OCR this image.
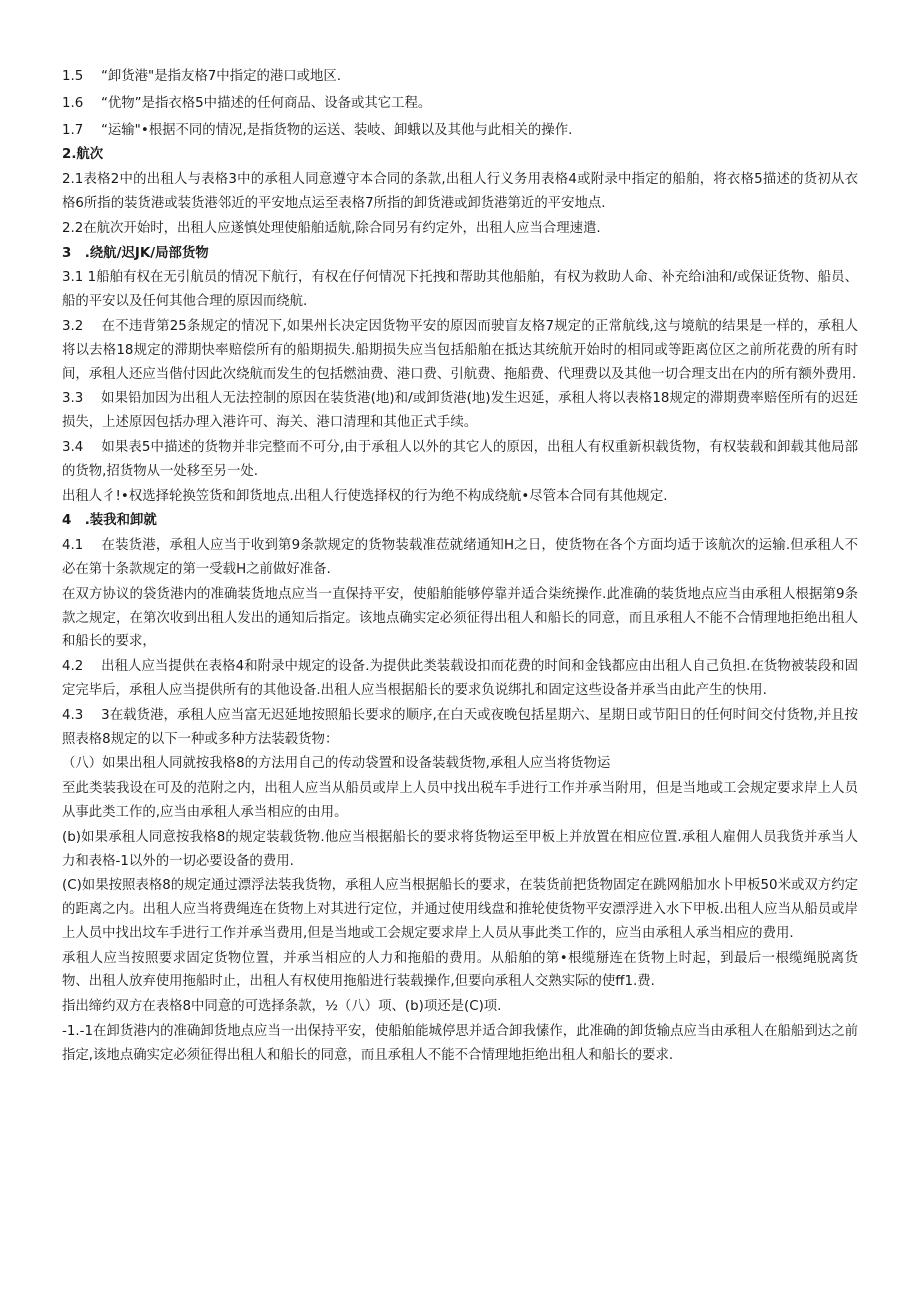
1.5　 “卸货港"是指友格7中指定的港口或地区.

1.6　 “优物”是指衣格5中描述的任何商品、设备或其它工程。

1.7　 “运输"•根据不同的情况,是指货物的运送、装岐、卸蛾以及其他与此相关的操作.

2.航次

2.1表格2中的出租人与表格3中的承租人同意遵守本合同的条款,出租人行义务用表格4或附录中指定的船舶，将衣格5描述的货初从衣格6所指的装货港或装货港邻近的平安地点运至表格7所指的卸货港或卸货港第近的平安地点.

2.2在航次开始时，出租人应遂慎处理使船舶适航,除合同另有约定外，出租人应当合理速遣.

3　.绕航/迟JK/局部货物

3.1 1船舶有权在无引航员的情况下航行，有权在仔何情况下托拽和帮助其他船舶，有权为救助人命、补充给i油和/或保证货物、船员、船的平安以及任何其他合理的原因而绕航.

3.2　 在不违背第25条规定的情况下,如果州长决定因货物平安的原因而驶盲友格7规定的正常航线,这与境航的结果是一样的，承租人将以去格18规定的滞期快率赔偿所有的船期损失.船期损失应当包括船舶在抵达其统航开始时的相同或等距离位区之前所花费的所有时间，承租人还应当偕付因此次绕航而发生的包括燃油费、港口费、引航费、拖船费、代理费以及其他一切合理支出在内的所有额外费用.

3.3　 如果铅加因为出租人无法控制的原因在装货港(地)和/或卸货港(地)发生迟延，承租人将以表格18规定的滞期费率赔侄所有的迟廷损失，上述原因包括办理入港许可、海关、港口清理和其他正式手续。

3.4　 如果表5中描述的货物并非完整而不可分,由于承租人以外的其它人的原因，出租人有权重新枳载货物，有权装载和卸载其他局部的货物,招货物从一处移至另一处.

出租人彳!•权选择轮换笠货和卸货地点.出租人行使选择权的行为绝不构成绕航•尽管本合同有其他规定.

4　.装我和卸就

4.1　 在装货港，承租人应当于收到第9条款规定的货物装载准莅就绪通知H之日，使货物在各个方面均适于该航次的运输.但承租人不必在第十条款规定的第一受载H之前做好准备.

在双方协议的袋货港内的准确装货地点应当一直保持平安，使船舶能够停靠并适合柒统操作.此准确的装货地点应当由承租人根据第9条款之规定，在第次收到出租人发出的通知后指定。该地点确实定必须征得出租人和船长的同意，而且承租人不能不合情理地拒绝出租人和船长的要求，

4.2　 出租人应当提供在表格4和附录中规定的设备.为提供此类装载设扣而花费的时间和金钱都应由出租人自己负担.在货物被装段和固定完毕后，承租人应当提供所有的其他设备.出租人应当根据船长的要求负说绑扎和固定这些设备并承当由此产生的快用.

4.3　 3在载货港，承租人应当富无迟延地按照船长要求的顺序,在白天或夜晚包括星期六、星期日或节阳日的任何时间交付货物,并且按照表格8规定的以下一种或多种方法装毂货物：

（八）如果出租人同就按我格8的方法用自己的传动袋置和设备装载货物,承租人应当将货物运

至此类装我设在可及的范附之内，出租人应当从船员或岸上人员中找出税车手进行工作并承当附用，但是当地或工会规定要求岸上人员从事此类工作的,应当由承租人承当相应的由用。

(b)如果承租人同意按我格8的规定装载货物.他应当根据船长的要求将货物运至甲板上并放置在相应位置.承租人雇佣人员我货并承当人力和表格-1以外的一切必要设备的费用.

(C)如果按照表格8的规定通过漂浮法装我货物，承租人应当根据船长的要求，在装货前把货物固定在跳网船加水卜甲板50米或双方约定的距离之内。出租人应当将费绳连在货物上对其进行定位，并通过使用线盘和推轮使货物平安漂浮进入水下甲板.出租人应当从船员或岸上人员中找出坟车手进行工作并承当费用,但是当地或工会规定要求岸上人员从事此类工作的，应当由承租人承当相应的费用.

承租人应当按照要求固定货物位置，并承当相应的人力和拖船的费用。从船舶的第•根缆掰连在货物上时起，到最后一根缆绳脱离货物、出租人放弃使用拖船时止，出租人有权使用拖船进行装载操作,但要向承租人交熟实际的使ff1.费.

指出缔约双方在表格8中同意的可选择条款，½（八）项、(b)项还是(C)项.

-1.-1在卸货港内的准确卸货地点应当一出保持平安，使船舶能城停思并适合卸我愫作，此准确的卸货输点应当由承租人在船船到达之前指定,该地点确实定必须征得出租人和船长的同意，而且承租人不能不合情理地拒绝出租人和船长的要求.
